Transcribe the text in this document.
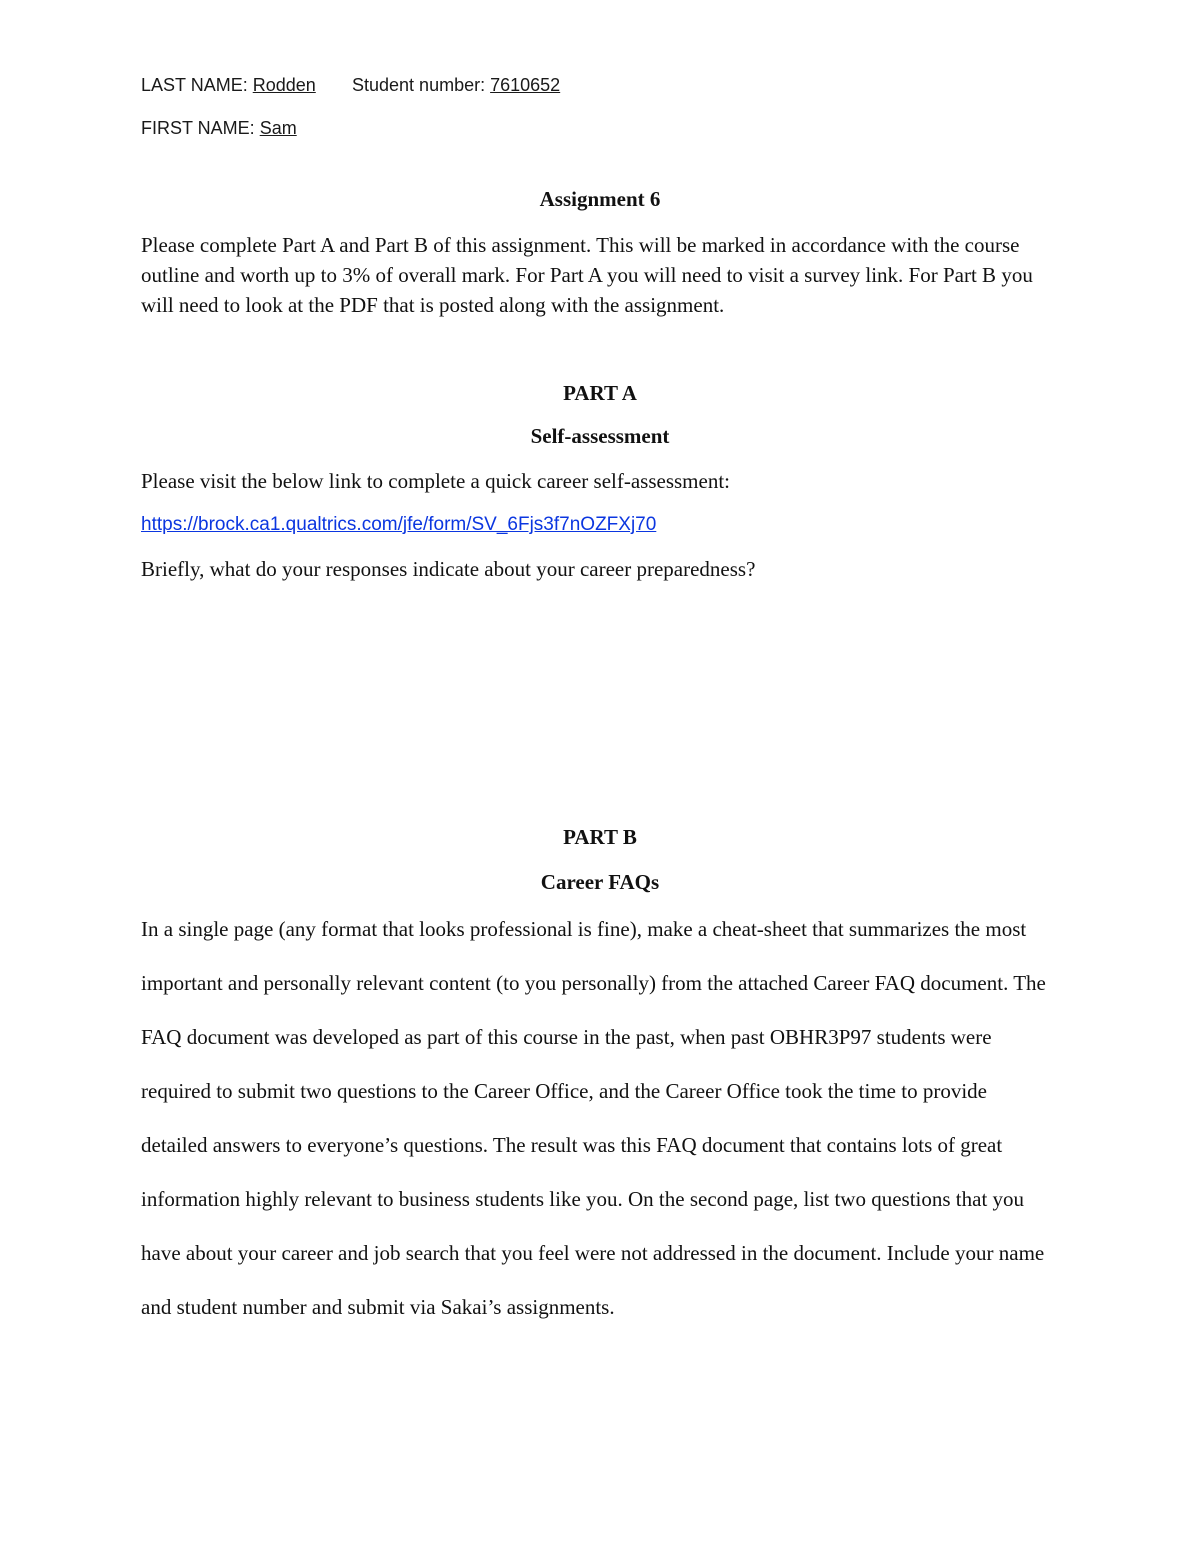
LAST NAME: Rodden Student number: 7610652
FIRST NAME: Sam
Assignment 6
Please complete Part A and Part B of this assignment. This will be marked in accordance with the course outline and worth up to 3% of overall mark. For Part A you will need to visit a survey link. For Part B you will need to look at the PDF that is posted along with the assignment.
PART A
Self-assessment
Please visit the below link to complete a quick career self-assessment:
https://brock.ca1.qualtrics.com/jfe/form/SV_6Fjs3f7nOZFXj70
Briefly, what do your responses indicate about your career preparedness?
PART B
Career FAQs
In a single page (any format that looks professional is fine), make a cheat-sheet that summarizes the most important and personally relevant content (to you personally) from the attached Career FAQ document. The FAQ document was developed as part of this course in the past, when past OBHR3P97 students were required to submit two questions to the Career Office, and the Career Office took the time to provide detailed answers to everyone’s questions. The result was this FAQ document that contains lots of great information highly relevant to business students like you. On the second page, list two questions that you have about your career and job search that you feel were not addressed in the document. Include your name and student number and submit via Sakai’s assignments.
